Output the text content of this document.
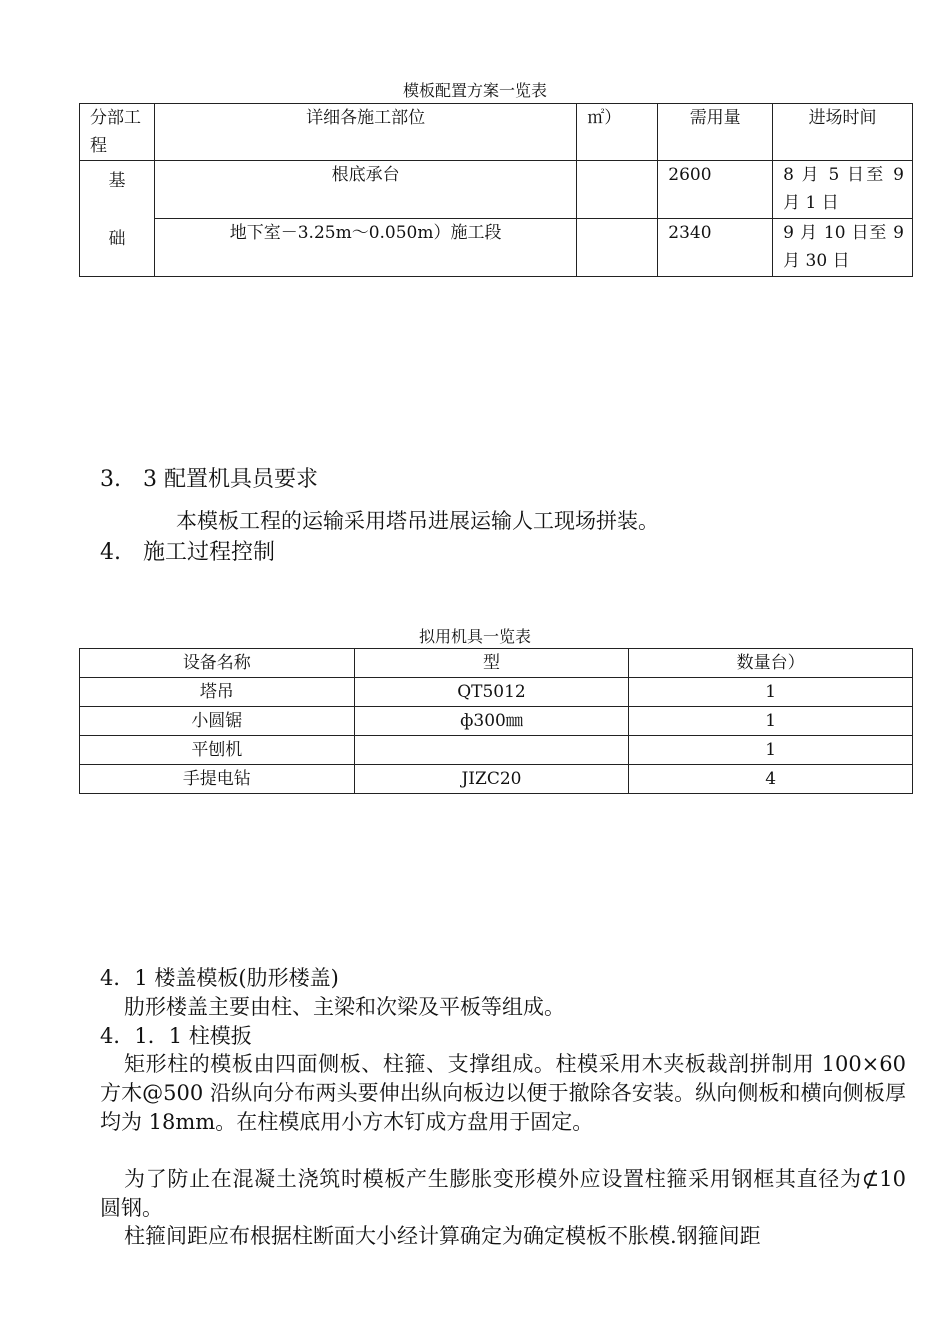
模板配置方案一览表
分部工程	详细各施工部位	㎡）	需用量	进场时间

基
础	根底承台		2600	8 月 5 日至 9 月 1 日
	地下室－3.25m～0.050m）施工段		2340	9 月 10 日至 9 月 30 日
3.　3 配置机具员要求
本模板工程的运输采用塔吊进展运输人工现场拼装。
4.　施工过程控制
拟用机具一览表
设备名称	型	数量台）
塔吊	QT5012	1
小圆锯	ф300㎜	1
平刨机		1
手提电钻	JIZC20	4
4．1 楼盖模板(肋形楼盖)
肋形楼盖主要由柱、主梁和次梁及平板等组成。
4．1．1 柱模扳
矩形柱的模板由四面侧板、柱箍、支撑组成。柱模采用木夹板裁剖拼制用 100×60 方木@500 沿纵向分布两头要伸出纵向板边以便于撤除各安装。纵向侧板和横向侧板厚均为 18mm。在柱模底用小方木钉成方盘用于固定。
为了防止在混凝土浇筑时模板产生膨胀变形模外应设置柱箍采用钢框其直径为⊄10 圆钢。
柱箍间距应布根据柱断面大小经计算确定为确定模板不胀模.钢箍间距
